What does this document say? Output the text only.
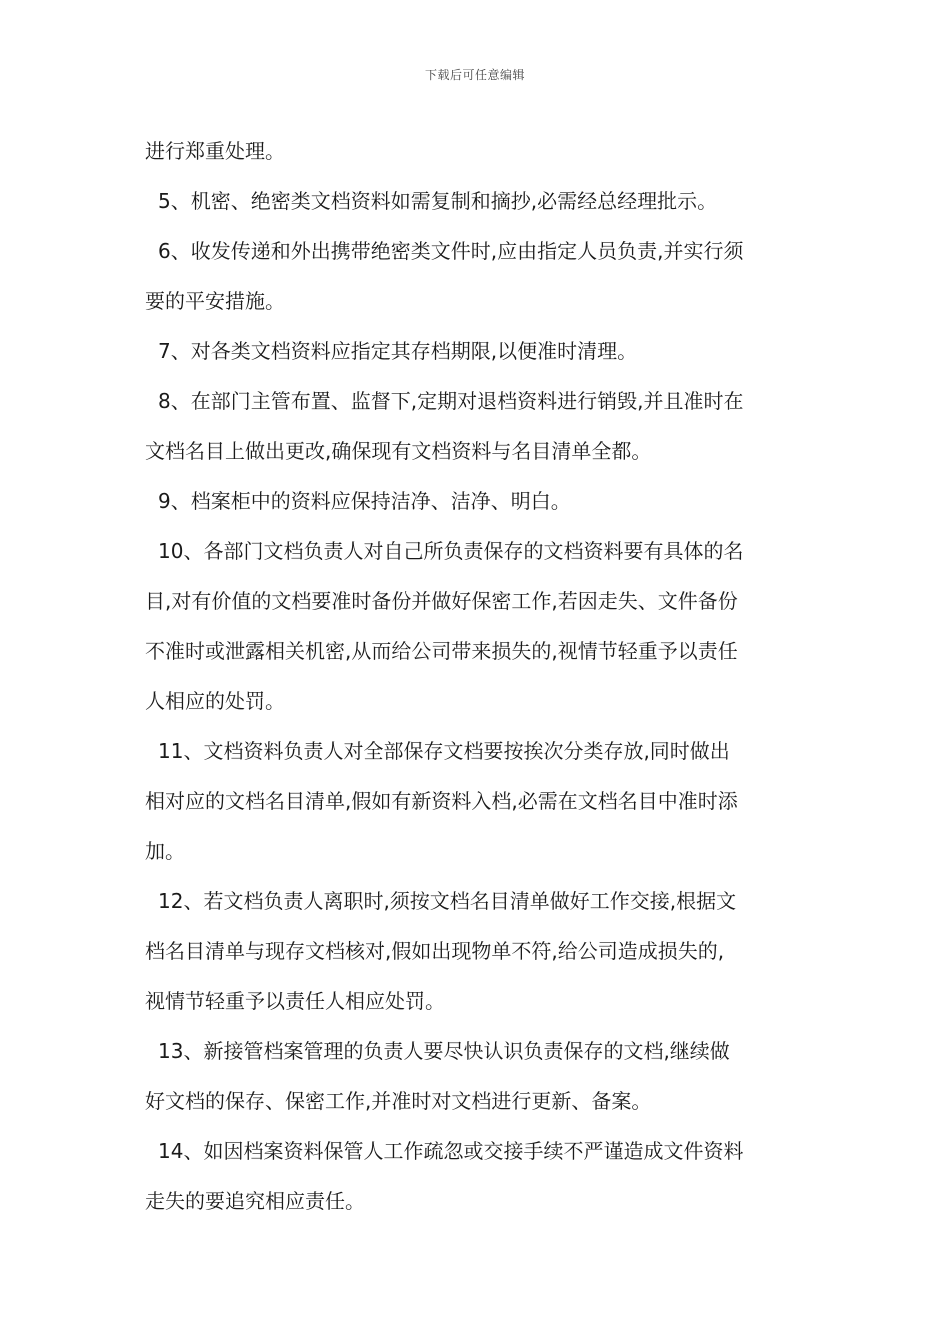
下载后可任意编辑
进行郑重处理。
5、机密、绝密类文档资料如需复制和摘抄,必需经总经理批示。
6、收发传递和外出携带绝密类文件时,应由指定人员负责,并实行须
要的平安措施。
7、对各类文档资料应指定其存档期限,以便准时清理。
8、在部门主管布置、监督下,定期对退档资料进行销毁,并且准时在
文档名目上做出更改,确保现有文档资料与名目清单全都。
9、档案柜中的资料应保持洁净、洁净、明白。
10、各部门文档负责人对自己所负责保存的文档资料要有具体的名
目,对有价值的文档要准时备份并做好保密工作,若因走失、文件备份
不准时或泄露相关机密,从而给公司带来损失的,视情节轻重予以责任
人相应的处罚。
11、文档资料负责人对全部保存文档要按挨次分类存放,同时做出
相对应的文档名目清单,假如有新资料入档,必需在文档名目中准时添
加。
12、若文档负责人离职时,须按文档名目清单做好工作交接,根据文
档名目清单与现存文档核对,假如出现物单不符,给公司造成损失的,
视情节轻重予以责任人相应处罚。
13、新接管档案管理的负责人要尽快认识负责保存的文档,继续做
好文档的保存、保密工作,并准时对文档进行更新、备案。
14、如因档案资料保管人工作疏忽或交接手续不严谨造成文件资料
走失的要追究相应责任。
